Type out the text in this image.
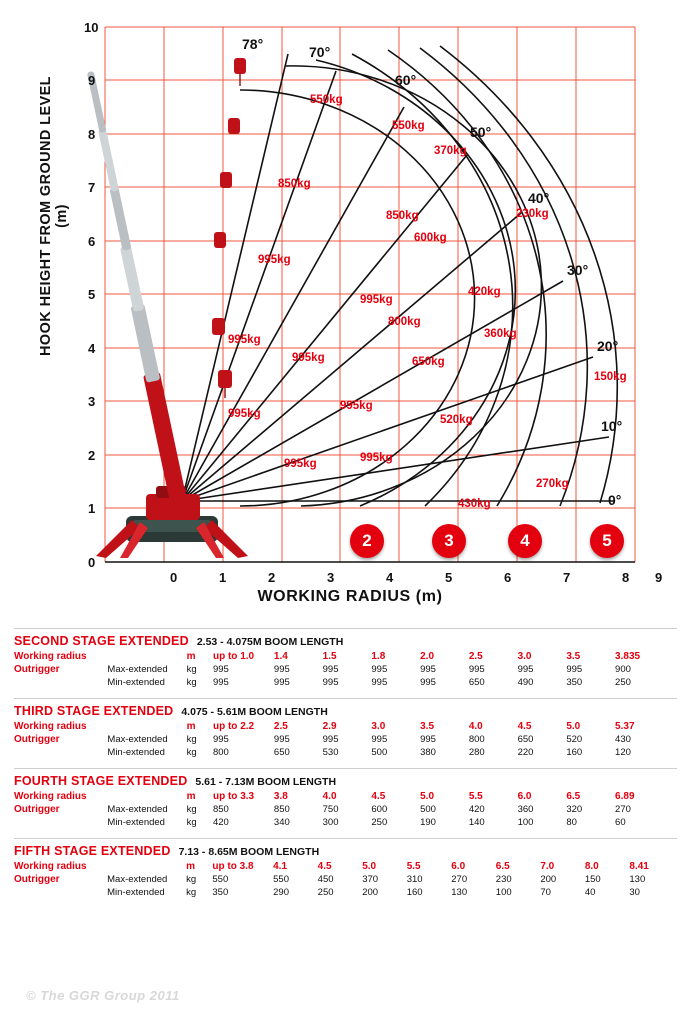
HOOK HEIGHT FROM GROUND LEVEL (m)
WORKING RADIUS (m)
10
9
8
7
6
5
4
3
2
1
0
0	1	2	3	4	5	6	7	8 9
78°	70°
60°
50°
40°
30°
20°
10°
0°
550kg
550kg
370kg
850kg
850kg	230kg
600kg
995kg
420kg
995kg
800kg
360kg
995kg
995kg	650kg
150kg
995kg
995kg
520kg
995kg	995kg
270kg
430kg
2	3	4	5
SECOND STAGE EXTENDED 2.53 - 4.075M BOOM LENGTH
Working radius		m	up to 1.0	1.4	1.5	1.8	2.0	2.5	3.0	3.5	3.835
Outrigger	Max-extended	kg	995	995	995	995	995	995	995	995	900
	Min-extended	kg	995	995	995	995	995	650	490	350	250
THIRD STAGE EXTENDED 4.075 - 5.61M BOOM LENGTH
Working radius		m	up to 2.2	2.5	2.9	3.0	3.5	4.0	4.5	5.0	5.37
Outrigger	Max-extended	kg	995	995	995	995	995	800	650	520	430
	Min-extended	kg	800	650	530	500	380	280	220	160	120
FOURTH STAGE EXTENDED 5.61 - 7.13M BOOM LENGTH
Working radius		m	up to 3.3	3.8	4.0	4.5	5.0	5.5	6.0	6.5	6.89
Outrigger	Max-extended	kg	850	850	750	600	500	420	360	320	270
	Min-extended	kg	420	340	300	250	190	140	100	80	60
FIFTH STAGE EXTENDED 7.13 - 8.65M BOOM LENGTH
Working radius		m	up to 3.8	4.1	4.5	5.0	5.5	6.0	6.5	7.0	8.0	8.41
Outrigger	Max-extended	kg	550	550	450	370	310	270	230	200	150	130
	Min-extended	kg	350	290	250	200	160	130	100	70	40	30
© The GGR Group 2011
